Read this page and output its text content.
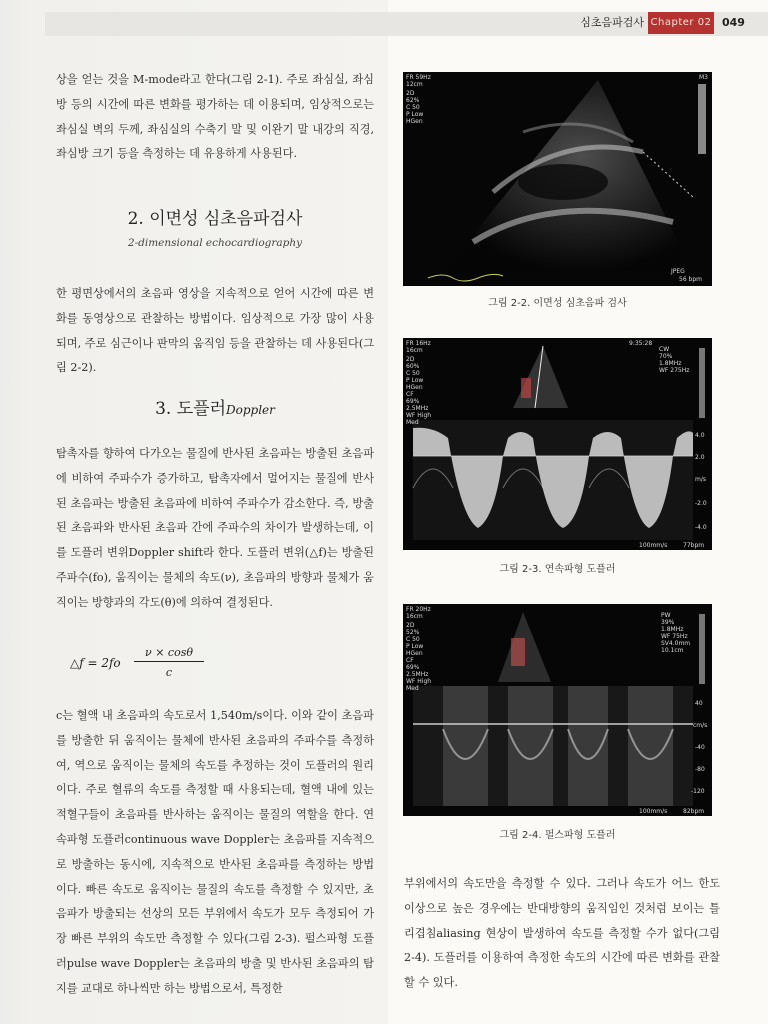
심초음파검사 Chapter 02 049

상을 얻는 것을 M-mode라고 한다(그림 2-1). 주로 좌심실, 좌심방 등의 시간에 따른 변화를 평가하는 데 이용되며, 임상적으로는 좌심실 벽의 두께, 좌심실의 수축기 말 및 이완기 말 내강의 직경, 좌심방 크기 등을 측정하는 데 유용하게 사용된다.

2. 이면성 심초음파검사
2-dimensional echocardiography

한 평면상에서의 초음파 영상을 지속적으로 얻어 시간에 따른 변화를 동영상으로 관찰하는 방법이다. 임상적으로 가장 많이 사용되며, 주로 심근이나 판막의 움직임 등을 관찰하는 데 사용된다(그림 2-2).

3. 도플러Doppler

탐촉자를 향하여 다가오는 물질에 반사된 초음파는 방출된 초음파에 비하여 주파수가 증가하고, 탐촉자에서 멀어지는 물질에 반사된 초음파는 방출된 초음파에 비하여 주파수가 감소한다. 즉, 방출된 초음파와 반사된 초음파 간에 주파수의 차이가 발생하는데, 이를 도플러 변위Doppler shift라 한다. 도플러 변위(△f)는 방출된 주파수(fo), 움직이는 물체의 속도(ν), 초음파의 방향과 물체가 움직이는 방향과의 각도(θ)에 의하여 결정된다.

△f = $2fo \frac{\nu \times \cos\theta}{c}$

c는 혈액 내 초음파의 속도로서 1,540m/s이다. 이와 같이 초음파를 방출한 뒤 움직이는 물체에 반사된 초음파의 주파수를 측정하여, 역으로 움직이는 물체의 속도를 추정하는 것이 도플러의 원리이다. 주로 혈류의 속도를 측정할 때 사용되는데, 혈액 내에 있는 적혈구들이 초음파를 반사하는 움직이는 물질의 역할을 한다. 연속파형 도플러continuous wave Doppler는 초음파를 지속적으로 방출하는 동시에, 지속적으로 반사된 초음파를 측정하는 방법이다. 빠른 속도로 움직이는 물질의 속도를 측정할 수 있지만, 초음파가 방출되는 선상의 모든 부위에서 속도가 모두 측정되어 가장 빠른 부위의 속도만 측정할 수 있다(그림 2-3). 펄스파형 도플러pulse wave Doppler는 초음파의 방출 및 반사된 초음파의 탐지를 교대로 하나씩만 하는 방법으로서, 특정한

FR 59Hz
12cm
2D
62%
C 50
P Low
HGen
M3
JPEG
56 bpm
그림 2-2. 이면성 심초음파 검사
FR 16Hz
16cm
9:35:28
2D
60%
C 50
P Low
HGen
CF
69%
2.5MHz
WF High
Med
CW
70%
1.8MHz
WF 275Hz
4.0
2.0
m/s
-2.0
-4.0
100mm/s	77bpm
그림 2-3. 연속파형 도플러
FR 20Hz
16cm
2D
52%
C 50
P Low
HGen
CF
69%
2.5MHz
WF High
Med
PW
39%
1.8MHz
WF 75Hz
SV4.0mm
10.1cm
40
cm/s
-40
-80
-120
100mm/s	82bpm
그림 2-4. 펄스파형 도플러

부위에서의 속도만을 측정할 수 있다. 그러나 속도가 어느 한도 이상으로 높은 경우에는 반대방향의 움직임인 것처럼 보이는 틀리겹침aliasing 현상이 발생하여 속도를 측정할 수가 없다(그림 2-4). 도플러를 이용하여 측정한 속도의 시간에 따른 변화를 관찰할 수 있다.
